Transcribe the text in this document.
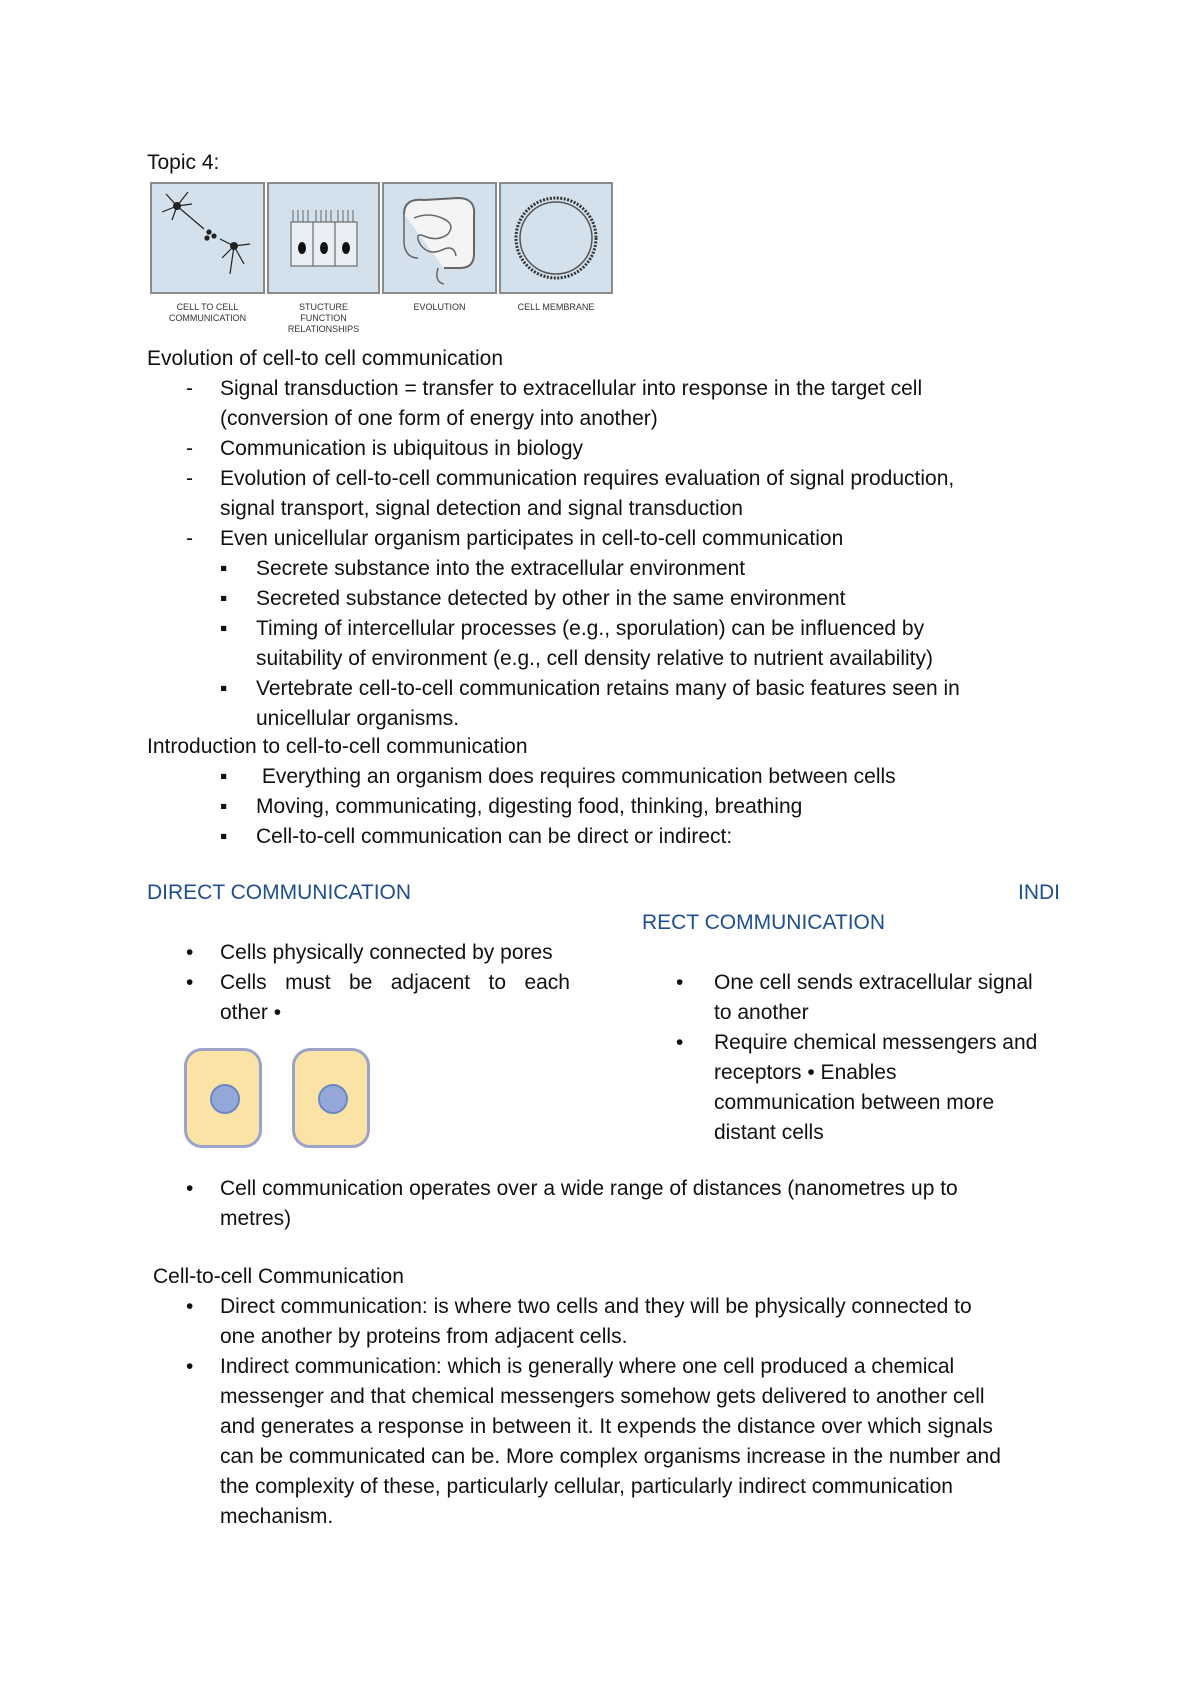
Topic 4:
CELL TO CELL
COMMUNICATION
STUCTURE
FUNCTION
RELATIONSHIPS
EVOLUTION	CELL MEMBRANE
Evolution of cell-to cell communication
-	Signal transduction = transfer to extracellular into response in the target cell
(conversion of one form of energy into another)
-	Communication is ubiquitous in biology
-	Evolution of cell-to-cell communication requires evaluation of signal production,
signal transport, signal detection and signal transduction
-	Even unicellular organism participates in cell-to-cell communication
▪ Secrete substance into the extracellular environment
▪ Secreted substance detected by other in the same environment
▪ Timing of intercellular processes (e.g., sporulation) can be influenced by
suitability of environment (e.g., cell density relative to nutrient availability)
▪ Vertebrate cell-to-cell communication retains many of basic features seen in
unicellular organisms.
Introduction to cell-to-cell communication
▪ Everything an organism does requires communication between cells
▪ Moving, communicating, digesting food, thinking, breathing
▪ Cell-to-cell communication can be direct or indirect:
DIRECT COMMUNICATION	INDI
RECT COMMUNICATION
• Cells physically connected by pores
• Cells must be adjacent to each
other •
• One cell sends extracellular signal
to another
• Require chemical messengers and
receptors • Enables
communication between more
distant cells
• Cell communication operates over a wide range of distances (nanometres up to
metres)
Cell-to-cell Communication
• Direct communication: is where two cells and they will be physically connected to
one another by proteins from adjacent cells.
• Indirect communication: which is generally where one cell produced a chemical
messenger and that chemical messengers somehow gets delivered to another cell
and generates a response in between it. It expends the distance over which signals
can be communicated can be. More complex organisms increase in the number and
the complexity of these, particularly cellular, particularly indirect communication
mechanism.
